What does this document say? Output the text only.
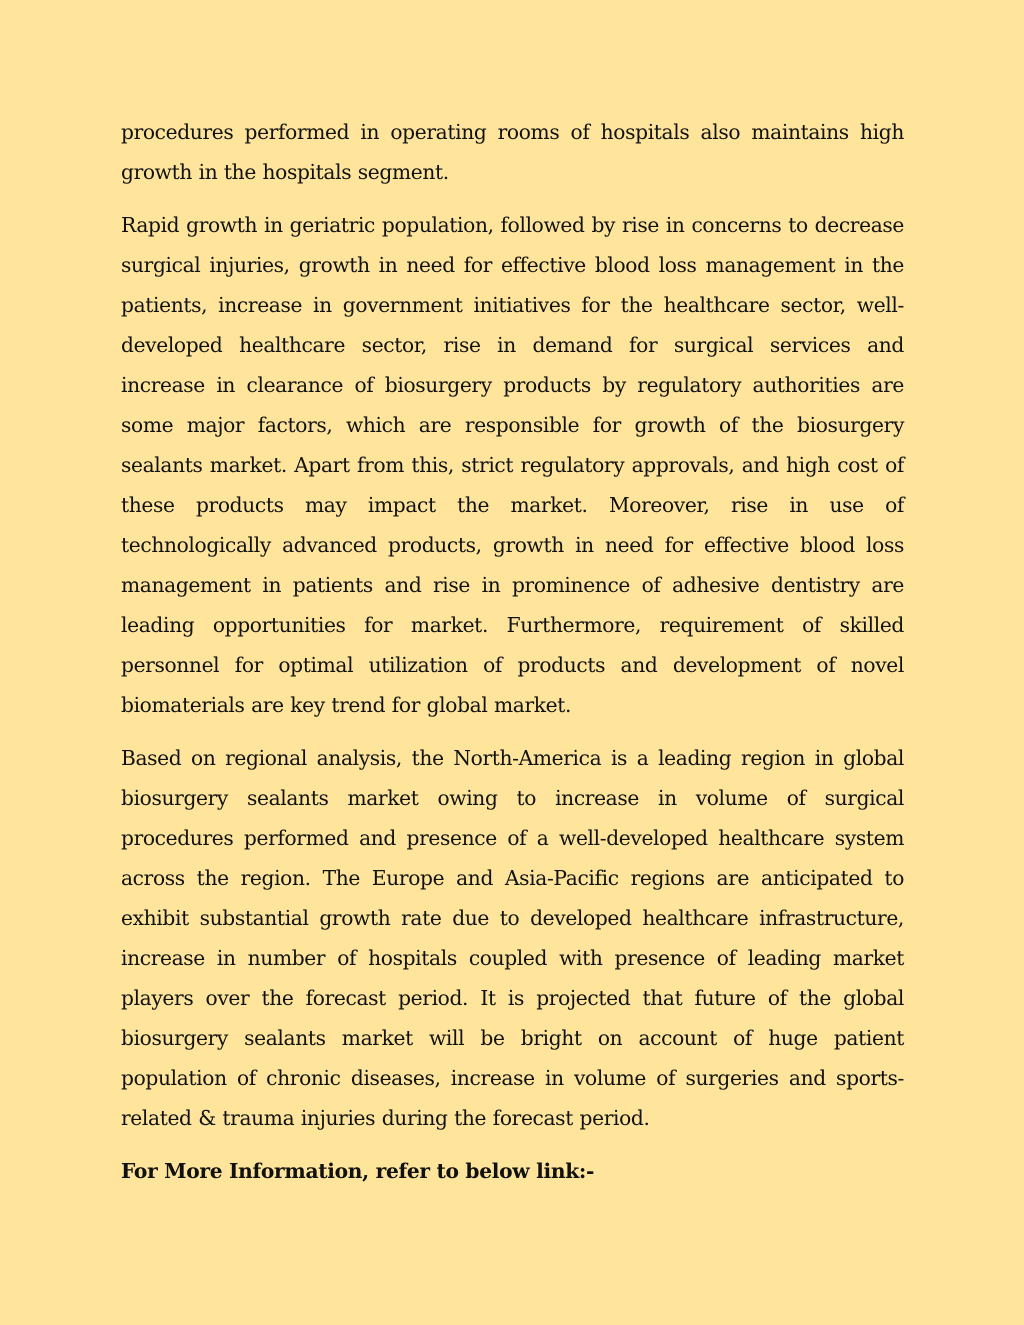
procedures performed in operating rooms of hospitals also maintains high growth in the hospitals segment.

Rapid growth in geriatric population, followed by rise in concerns to decrease surgical injuries, growth in need for effective blood loss management in the patients, increase in government initiatives for the healthcare sector, well-developed healthcare sector, rise in demand for surgical services and increase in clearance of biosurgery products by regulatory authorities are some major factors, which are responsible for growth of the biosurgery sealants market. Apart from this, strict regulatory approvals, and high cost of these products may impact the market. Moreover, rise in use of technologically advanced products, growth in need for effective blood loss management in patients and rise in prominence of adhesive dentistry are leading opportunities for market. Furthermore, requirement of skilled personnel for optimal utilization of products and development of novel biomaterials are key trend for global market.

Based on regional analysis, the North-America is a leading region in global biosurgery sealants market owing to increase in volume of surgical procedures performed and presence of a well-developed healthcare system across the region. The Europe and Asia-Pacific regions are anticipated to exhibit substantial growth rate due to developed healthcare infrastructure, increase in number of hospitals coupled with presence of leading market players over the forecast period. It is projected that future of the global biosurgery sealants market will be bright on account of huge patient population of chronic diseases, increase in volume of surgeries and sports-related & trauma injuries during the forecast period.

For More Information, refer to below link:-
